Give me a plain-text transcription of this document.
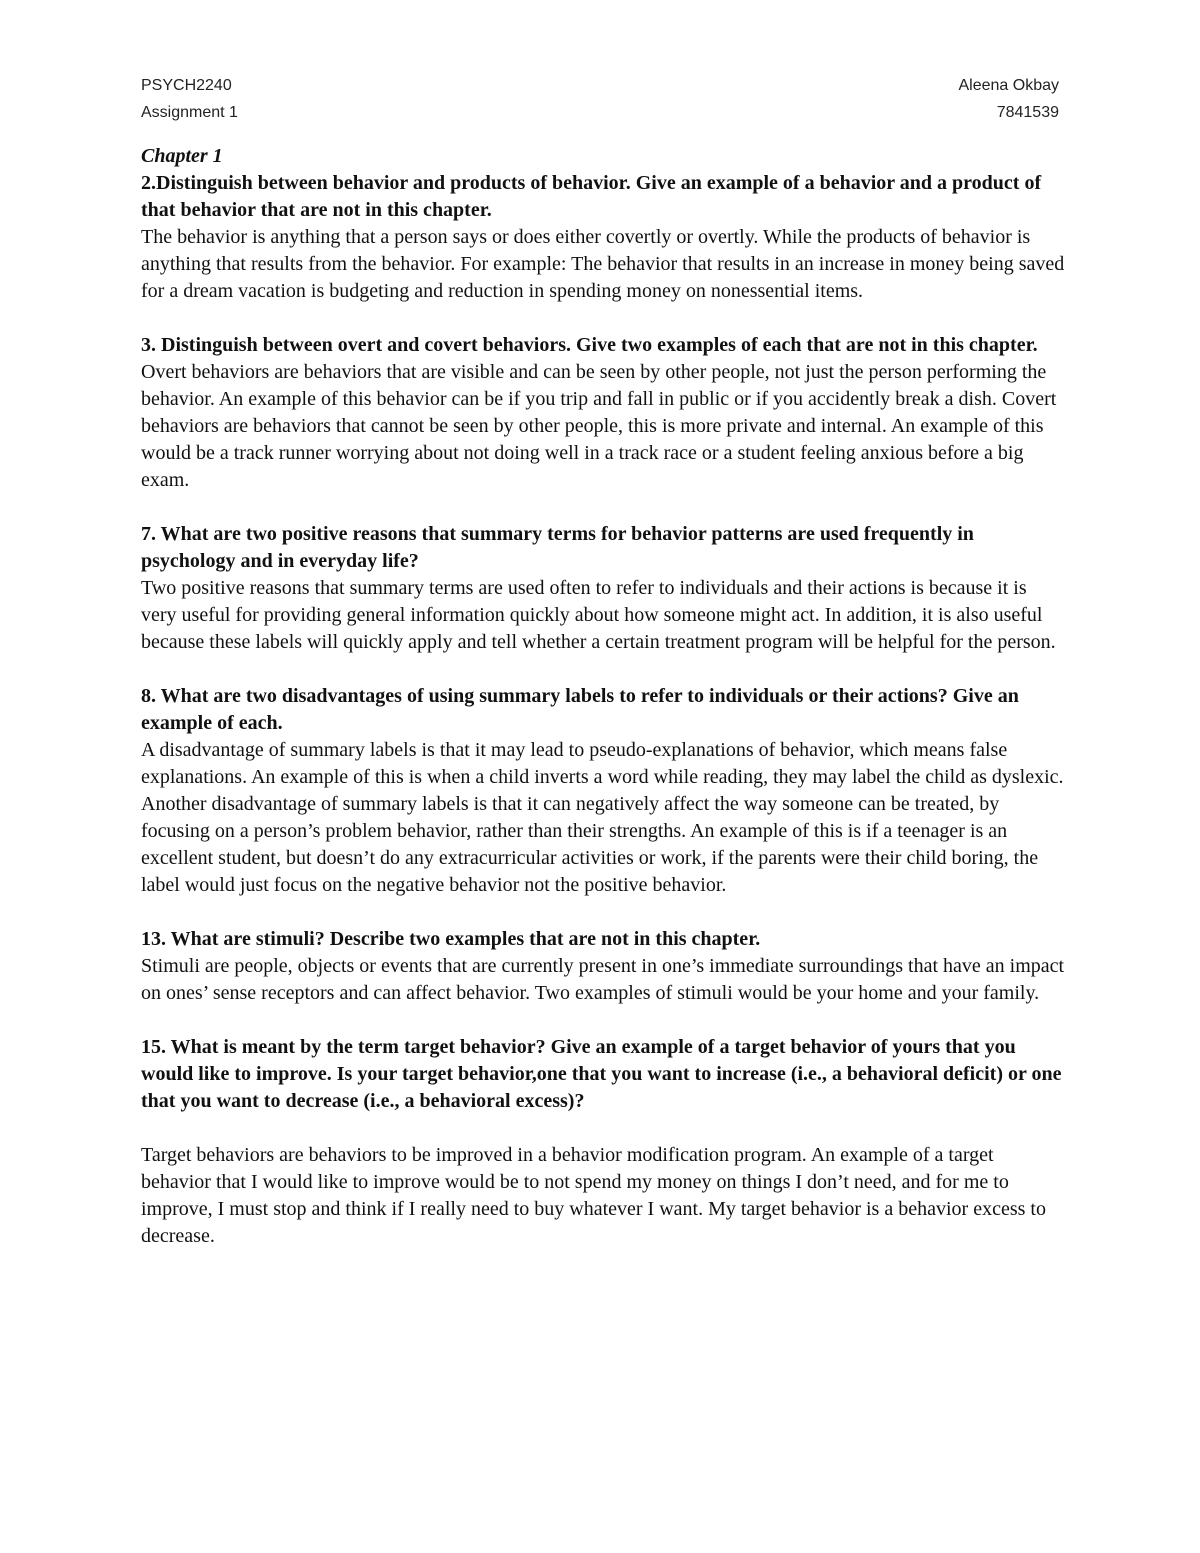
PSYCH2240	Aleena Okbay
Assignment 1	7841539

Chapter 1

2.Distinguish between behavior and products of behavior. Give an example of a behavior and a product of that behavior that are not in this chapter.

The behavior is anything that a person says or does either covertly or overtly. While the products of behavior is anything that results from the behavior. For example: The behavior that results in an increase in money being saved for a dream vacation is budgeting and reduction in spending money on nonessential items.

3. Distinguish between overt and covert behaviors. Give two examples of each that are not in this chapter.

Overt behaviors are behaviors that are visible and can be seen by other people, not just the person performing the behavior. An example of this behavior can be if you trip and fall in public or if you accidently break a dish. Covert behaviors are behaviors that cannot be seen by other people, this is more private and internal. An example of this would be a track runner worrying about not doing well in a track race or a student feeling anxious before a big exam.

7. What are two positive reasons that summary terms for behavior patterns are used frequently in psychology and in everyday life?

Two positive reasons that summary terms are used often to refer to individuals and their actions is because it is very useful for providing general information quickly about how someone might act. In addition, it is also useful because these labels will quickly apply and tell whether a certain treatment program will be helpful for the person.

8. What are two disadvantages of using summary labels to refer to individuals or their actions? Give an example of each.

A disadvantage of summary labels is that it may lead to pseudo-explanations of behavior, which means false explanations. An example of this is when a child inverts a word while reading, they may label the child as dyslexic. Another disadvantage of summary labels is that it can negatively affect the way someone can be treated, by focusing on a person’s problem behavior, rather than their strengths. An example of this is if a teenager is an excellent student, but doesn’t do any extracurricular activities or work, if the parents were their child boring, the label would just focus on the negative behavior not the positive behavior.

13. What are stimuli? Describe two examples that are not in this chapter.

Stimuli are people, objects or events that are currently present in one’s immediate surroundings that have an impact on ones’ sense receptors and can affect behavior. Two examples of stimuli would be your home and your family.

15. What is meant by the term target behavior? Give an example of a target behavior of yours that you would like to improve. Is your target behavior,one that you want to increase (i.e., a behavioral deficit) or one that you want to decrease (i.e., a behavioral excess)?

Target behaviors are behaviors to be improved in a behavior modification program. An example of a target behavior that I would like to improve would be to not spend my money on things I don’t need, and for me to improve, I must stop and think if I really need to buy whatever I want. My target behavior is a behavior excess to decrease.
